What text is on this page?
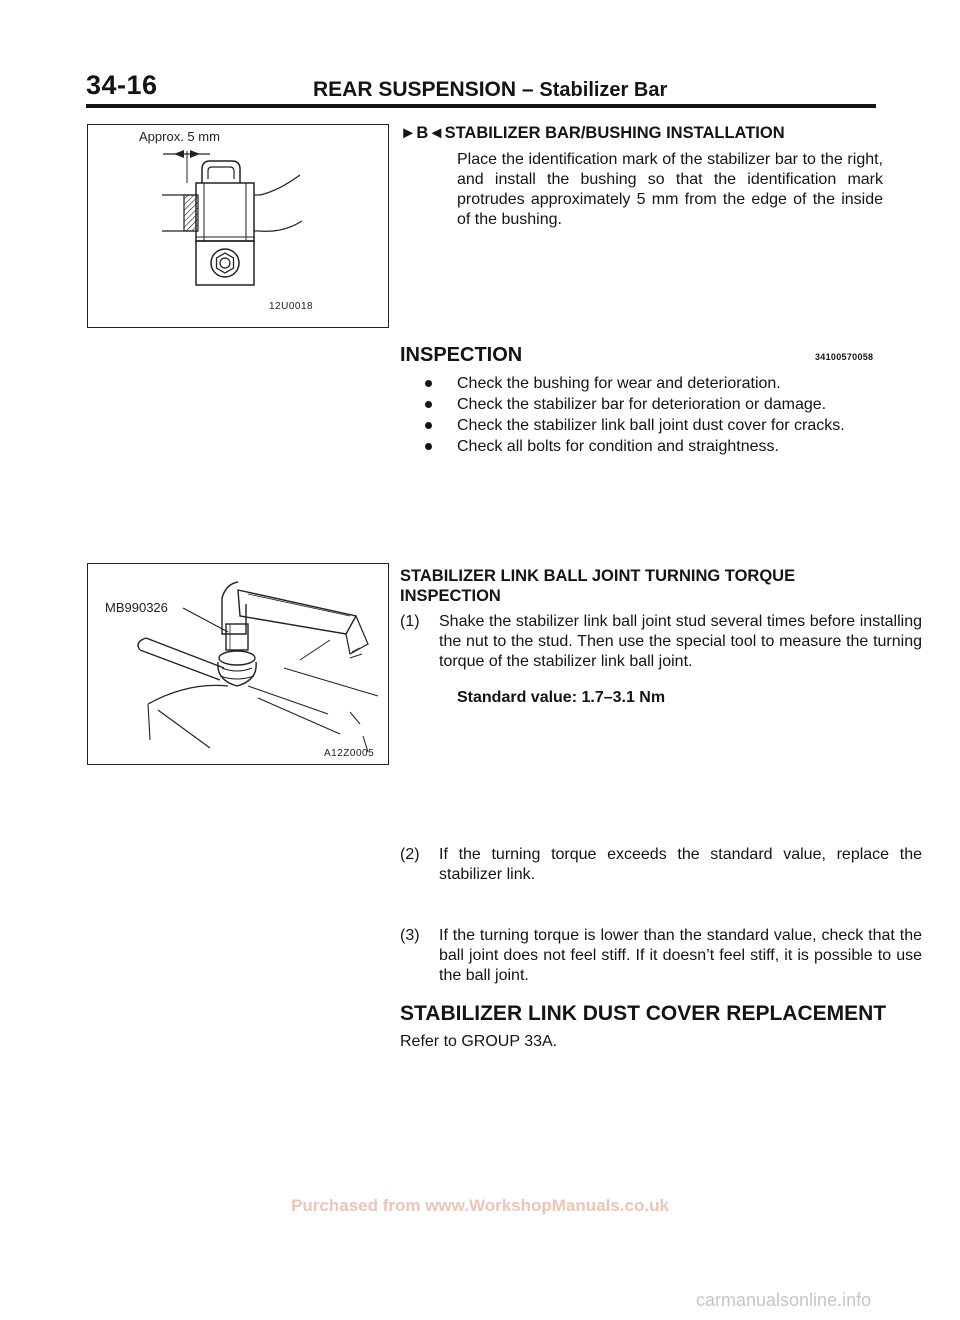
34-16	REAR SUSPENSION – Stabilizer Bar
Approx. 5 mm
12U0018
MB990326
A12Z0005
►B◄STABILIZER BAR/BUSHING INSTALLATION
Place the identification mark of the stabilizer bar to the right, and install the bushing so that the identification mark protrudes approximately 5 mm from the edge of the inside of the bushing.
INSPECTION	34100570058
Check the bushing for wear and deterioration.
Check the stabilizer bar for deterioration or damage.
Check the stabilizer link ball joint dust cover for cracks.
Check all bolts for condition and straightness.
STABILIZER LINK BALL JOINT TURNING TORQUE
INSPECTION
(1) Shake the stabilizer link ball joint stud several times before installing the nut to the stud. Then use the special tool to measure the turning torque of the stabilizer link ball joint.
Standard value: 1.7–3.1 Nm
(2) If the turning torque exceeds the standard value, replace the stabilizer link.
(3) If the turning torque is lower than the standard value, check that the ball joint does not feel stiff. If it doesn’t feel stiff, it is possible to use the ball joint.
STABILIZER LINK DUST COVER REPLACEMENT
Refer to GROUP 33A.
Purchased from www.WorkshopManuals.co.uk
carmanualsonline.info
